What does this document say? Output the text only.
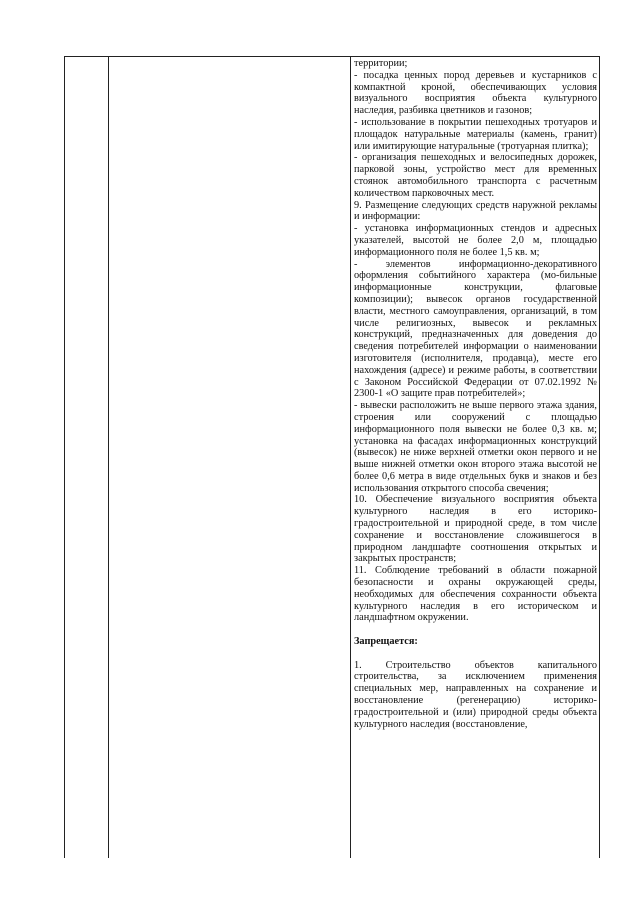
территории;

- посадка ценных пород деревьев и кустарников с компактной кроной, обеспечивающих условия визуального восприятия объекта культурного наследия, разбивка цветников и газонов;

- использование в покрытии пешеходных тротуаров и площадок натуральные материалы (камень, гранит) или имитирующие натуральные (тротуарная плитка);

- организация пешеходных и велосипедных дорожек, парковой зоны, устройство мест для временных стоянок автомобильного транспорта с расчетным количеством парковочных мест.

9. Размещение следующих средств наружной рекламы и информации:

- установка информационных стендов и адресных указателей, высотой не более 2,0 м, площадью информационного поля не более 1,5 кв. м;

- элементов информационно-декоративного оформления событийного характера (мо-бильные информационные конструкции, флаговые композиции); вывесок органов государственной власти, местного самоуправления, организаций, в том числе религиозных, вывесок и рекламных конструкций, предназначенных для доведения до сведения потребителей информации о наименовании изготовителя (исполнителя, продавца), месте его нахождения (адресе) и режиме работы, в соответствии с Законом Российской Федерации от 07.02.1992 № 2300-1 «О защите прав потребителей»;

- вывески расположить не выше первого этажа здания, строения или сооружений с площадью информационного поля вывески не более 0,3 кв. м; установка на фасадах информационных конструкций (вывесок) не ниже верхней отметки окон первого и не выше нижней отметки окон второго этажа высотой не более 0,6 метра в виде отдельных букв и знаков и без использования открытого способа свечения;

10. Обеспечение визуального восприятия объекта культурного наследия в его историко-градостроительной и природной среде, в том числе сохранение и восстановление сложившегося в природном ландшафте соотношения открытых и закрытых пространств;

11. Соблюдение требований в области пожарной безопасности и охраны окружающей среды, необходимых для обеспечения сохранности объекта культурного наследия в его историческом и ландшафтном окружении.

Запрещается:

1. Строительство объектов капитального строительства, за исключением применения специальных мер, направленных на сохранение и восстановление (регенерацию) историко-градостроительной и (или) природной среды объекта культурного наследия (восстановление,
